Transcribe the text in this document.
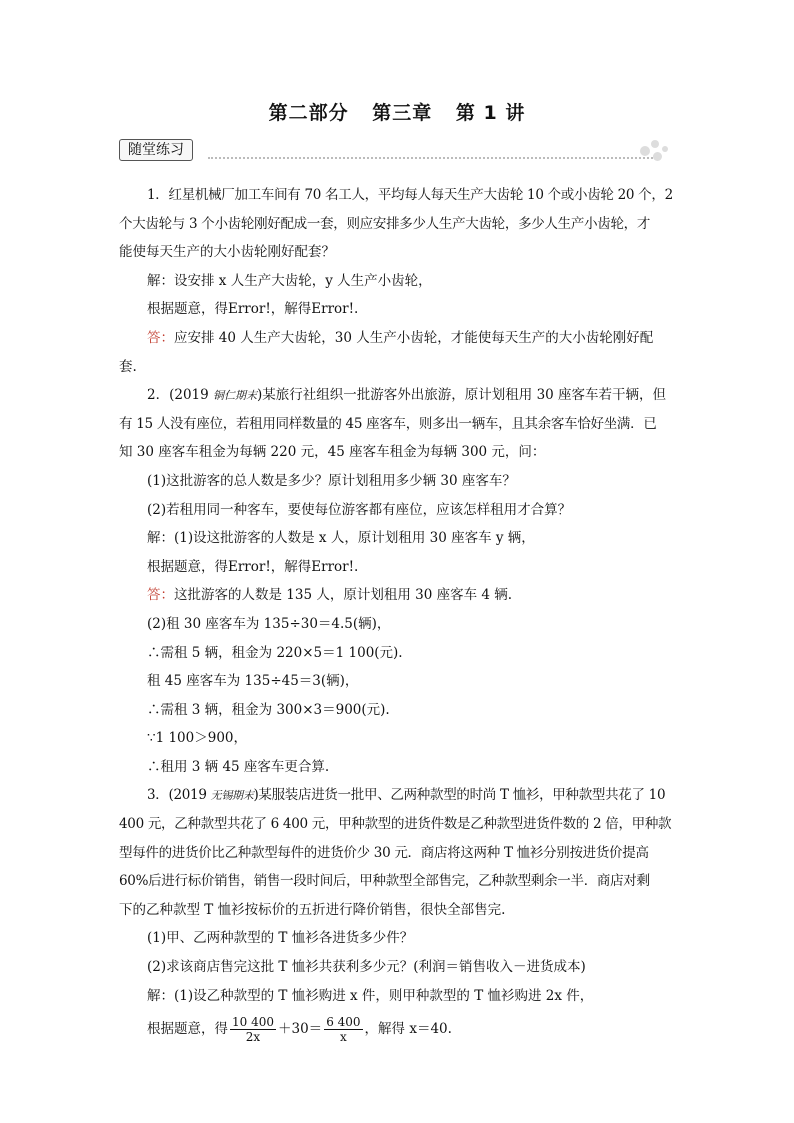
第二部分 第三章 第 1 讲
随堂练习
1．红星机械厂加工车间有 70 名工人，平均每人每天生产大齿轮 10 个或小齿轮 20 个，2
个大齿轮与 3 个小齿轮刚好配成一套，则应安排多少人生产大齿轮，多少人生产小齿轮，才
能使每天生产的大小齿轮刚好配套？
解：设安排 x 人生产大齿轮，y 人生产小齿轮，
根据题意，得Error!，解得Error!.
答：应安排 40 人生产大齿轮，30 人生产小齿轮，才能使每天生产的大小齿轮刚好配
套.
2．(2019 铜仁期末)某旅行社组织一批游客外出旅游，原计划租用 30 座客车若干辆，但
有 15 人没有座位，若租用同样数量的 45 座客车，则多出一辆车，且其余客车恰好坐满．已
知 30 座客车租金为每辆 220 元，45 座客车租金为每辆 300 元，问：
(1)这批游客的总人数是多少？原计划租用多少辆 30 座客车？
(2)若租用同一种客车，要使每位游客都有座位，应该怎样租用才合算？
解：(1)设这批游客的人数是 x 人，原计划租用 30 座客车 y 辆，
根据题意，得Error!，解得Error!.
答：这批游客的人数是 135 人，原计划租用 30 座客车 4 辆.
(2)租 30 座客车为 135÷30＝4.5(辆)，
∴需租 5 辆，租金为 220×5＝1 100(元).
租 45 座客车为 135÷45＝3(辆)，
∴需租 3 辆，租金为 300×3＝900(元).
∵1 100＞900，
∴租用 3 辆 45 座客车更合算.
3．(2019 无锡期末)某服装店进货一批甲、乙两种款型的时尚 T 恤衫，甲种款型共花了 10
400 元，乙种款型共花了 6 400 元，甲种款型的进货件数是乙种款型进货件数的 2 倍，甲种款
型每件的进货价比乙种款型每件的进货价少 30 元．商店将这两种 T 恤衫分别按进货价提高
60%后进行标价销售，销售一段时间后，甲种款型全部售完，乙种款型剩余一半．商店对剩
下的乙种款型 T 恤衫按标价的五折进行降价销售，很快全部售完.
(1)甲、乙两种款型的 T 恤衫各进货多少件？
(2)求该商店售完这批 T 恤衫共获利多少元？(利润＝销售收入－进货成本)
解：(1)设乙种款型的 T 恤衫购进 x 件，则甲种款型的 T 恤衫购进 2x 件，
根据题意，得 $\frac{10 400}{2x} +30= \frac{6 400}{x}$ ，解得 x＝40.
